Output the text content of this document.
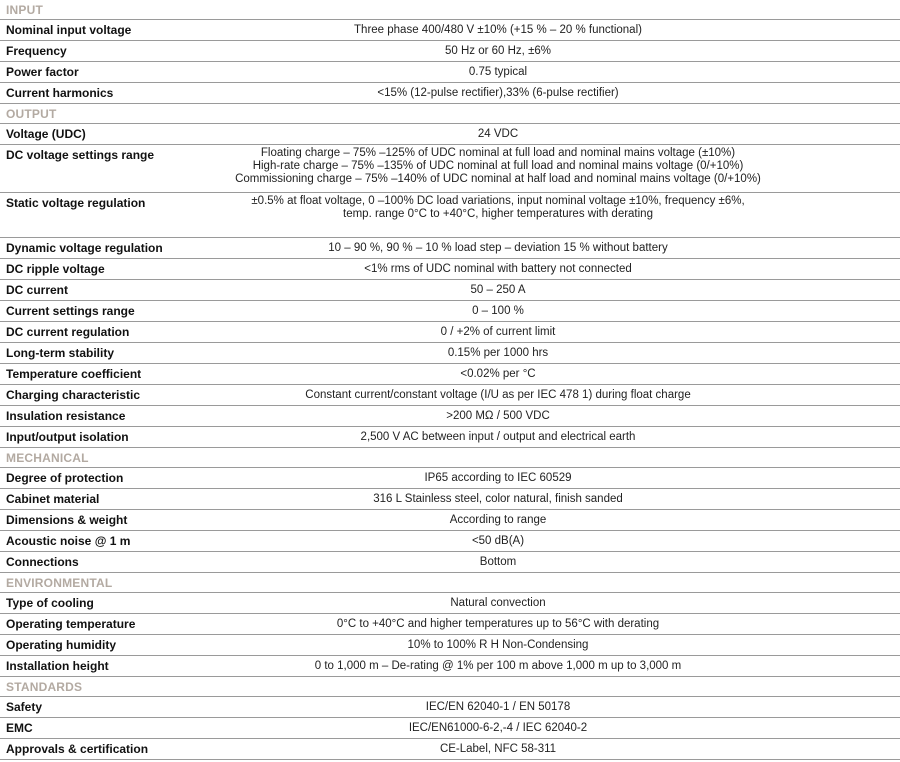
INPUT
Nominal input voltage	Three phase 400/480 V ±10% (+15 % – 20 % functional)
Frequency	50 Hz or 60 Hz, ±6%
Power factor	0.75 typical
Current harmonics	<15% (12-pulse rectifier),33% (6-pulse rectifier)
OUTPUT
Voltage (UDC)	24 VDC
DC voltage settings range	Floating charge – 75% –125% of UDC nominal at full load and nominal mains voltage (±10%)
High-rate charge – 75% –135% of UDC nominal at full load and nominal mains voltage (0/+10%)
Commissioning charge – 75% –140% of UDC nominal at half load and nominal mains voltage (0/+10%)
Static voltage regulation	±0.5% at float voltage, 0 –100% DC load variations, input nominal voltage ±10%, frequency ±6%,
temp. range 0°C to +40°C, higher temperatures with derating
Dynamic voltage regulation	10 – 90 %, 90 % – 10 % load step – deviation 15 % without battery
DC ripple voltage	<1% rms of UDC nominal with battery not connected
DC current	50 – 250 A
Current settings range	0 – 100 %
DC current regulation	0 / +2% of current limit
Long-term stability	0.15% per 1000 hrs
Temperature coefficient	<0.02% per °C
Charging characteristic	Constant current/constant voltage (I/U as per IEC 478 1) during float charge
Insulation resistance	>200 MΩ / 500 VDC
Input/output isolation	2,500 V AC between input / output and electrical earth
MECHANICAL
Degree of protection	IP65 according to IEC 60529
Cabinet material	316 L Stainless steel, color natural, finish sanded
Dimensions & weight	According to range
Acoustic noise @ 1 m	<50 dB(A)
Connections	Bottom
ENVIRONMENTAL
Type of cooling	Natural convection
Operating temperature	0°C to +40°C and higher temperatures up to 56°C with derating
Operating humidity	10% to 100% R H Non-Condensing
Installation height	0 to 1,000 m – De-rating @ 1% per 100 m above 1,000 m up to 3,000 m
STANDARDS
Safety	IEC/EN 62040-1 / EN 50178
EMC	IEC/EN61000-6-2,-4 / IEC 62040-2
Approvals & certification	CE-Label, NFC 58-311
